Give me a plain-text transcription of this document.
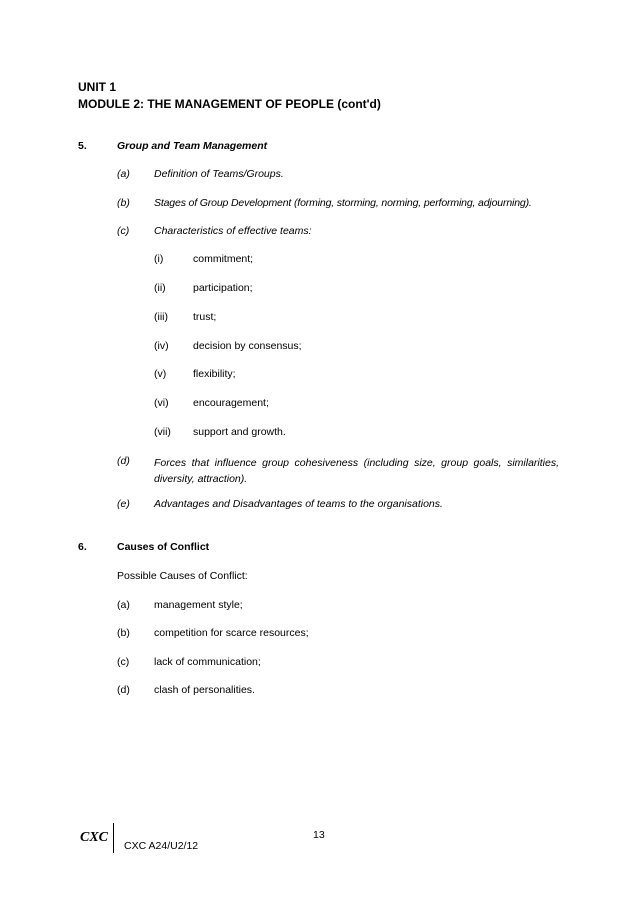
UNIT 1
MODULE 2: THE MANAGEMENT OF PEOPLE (cont'd)
5.	Group and Team Management
(a) Definition of Teams/Groups.
(b) Stages of Group Development (forming, storming, norming, performing, adjourning).
(c) Characteristics of effective teams:
(i)	commitment;
(ii)	participation;
(iii) trust;
(iv) decision by consensus;
(v)	flexibility;
(vi) encouragement;
(vii) support and growth.
(d) Forces that influence group cohesiveness (including size, group goals, similarities, diversity, attraction).
(e) Advantages and Disadvantages of teams to the organisations.
6.	Causes of Conflict
Possible Causes of Conflict:
(a) management style;
(b) competition for scarce resources;
(c) lack of communication;
(d) clash of personalities.
13
CXC
CXC A24/U2/12
